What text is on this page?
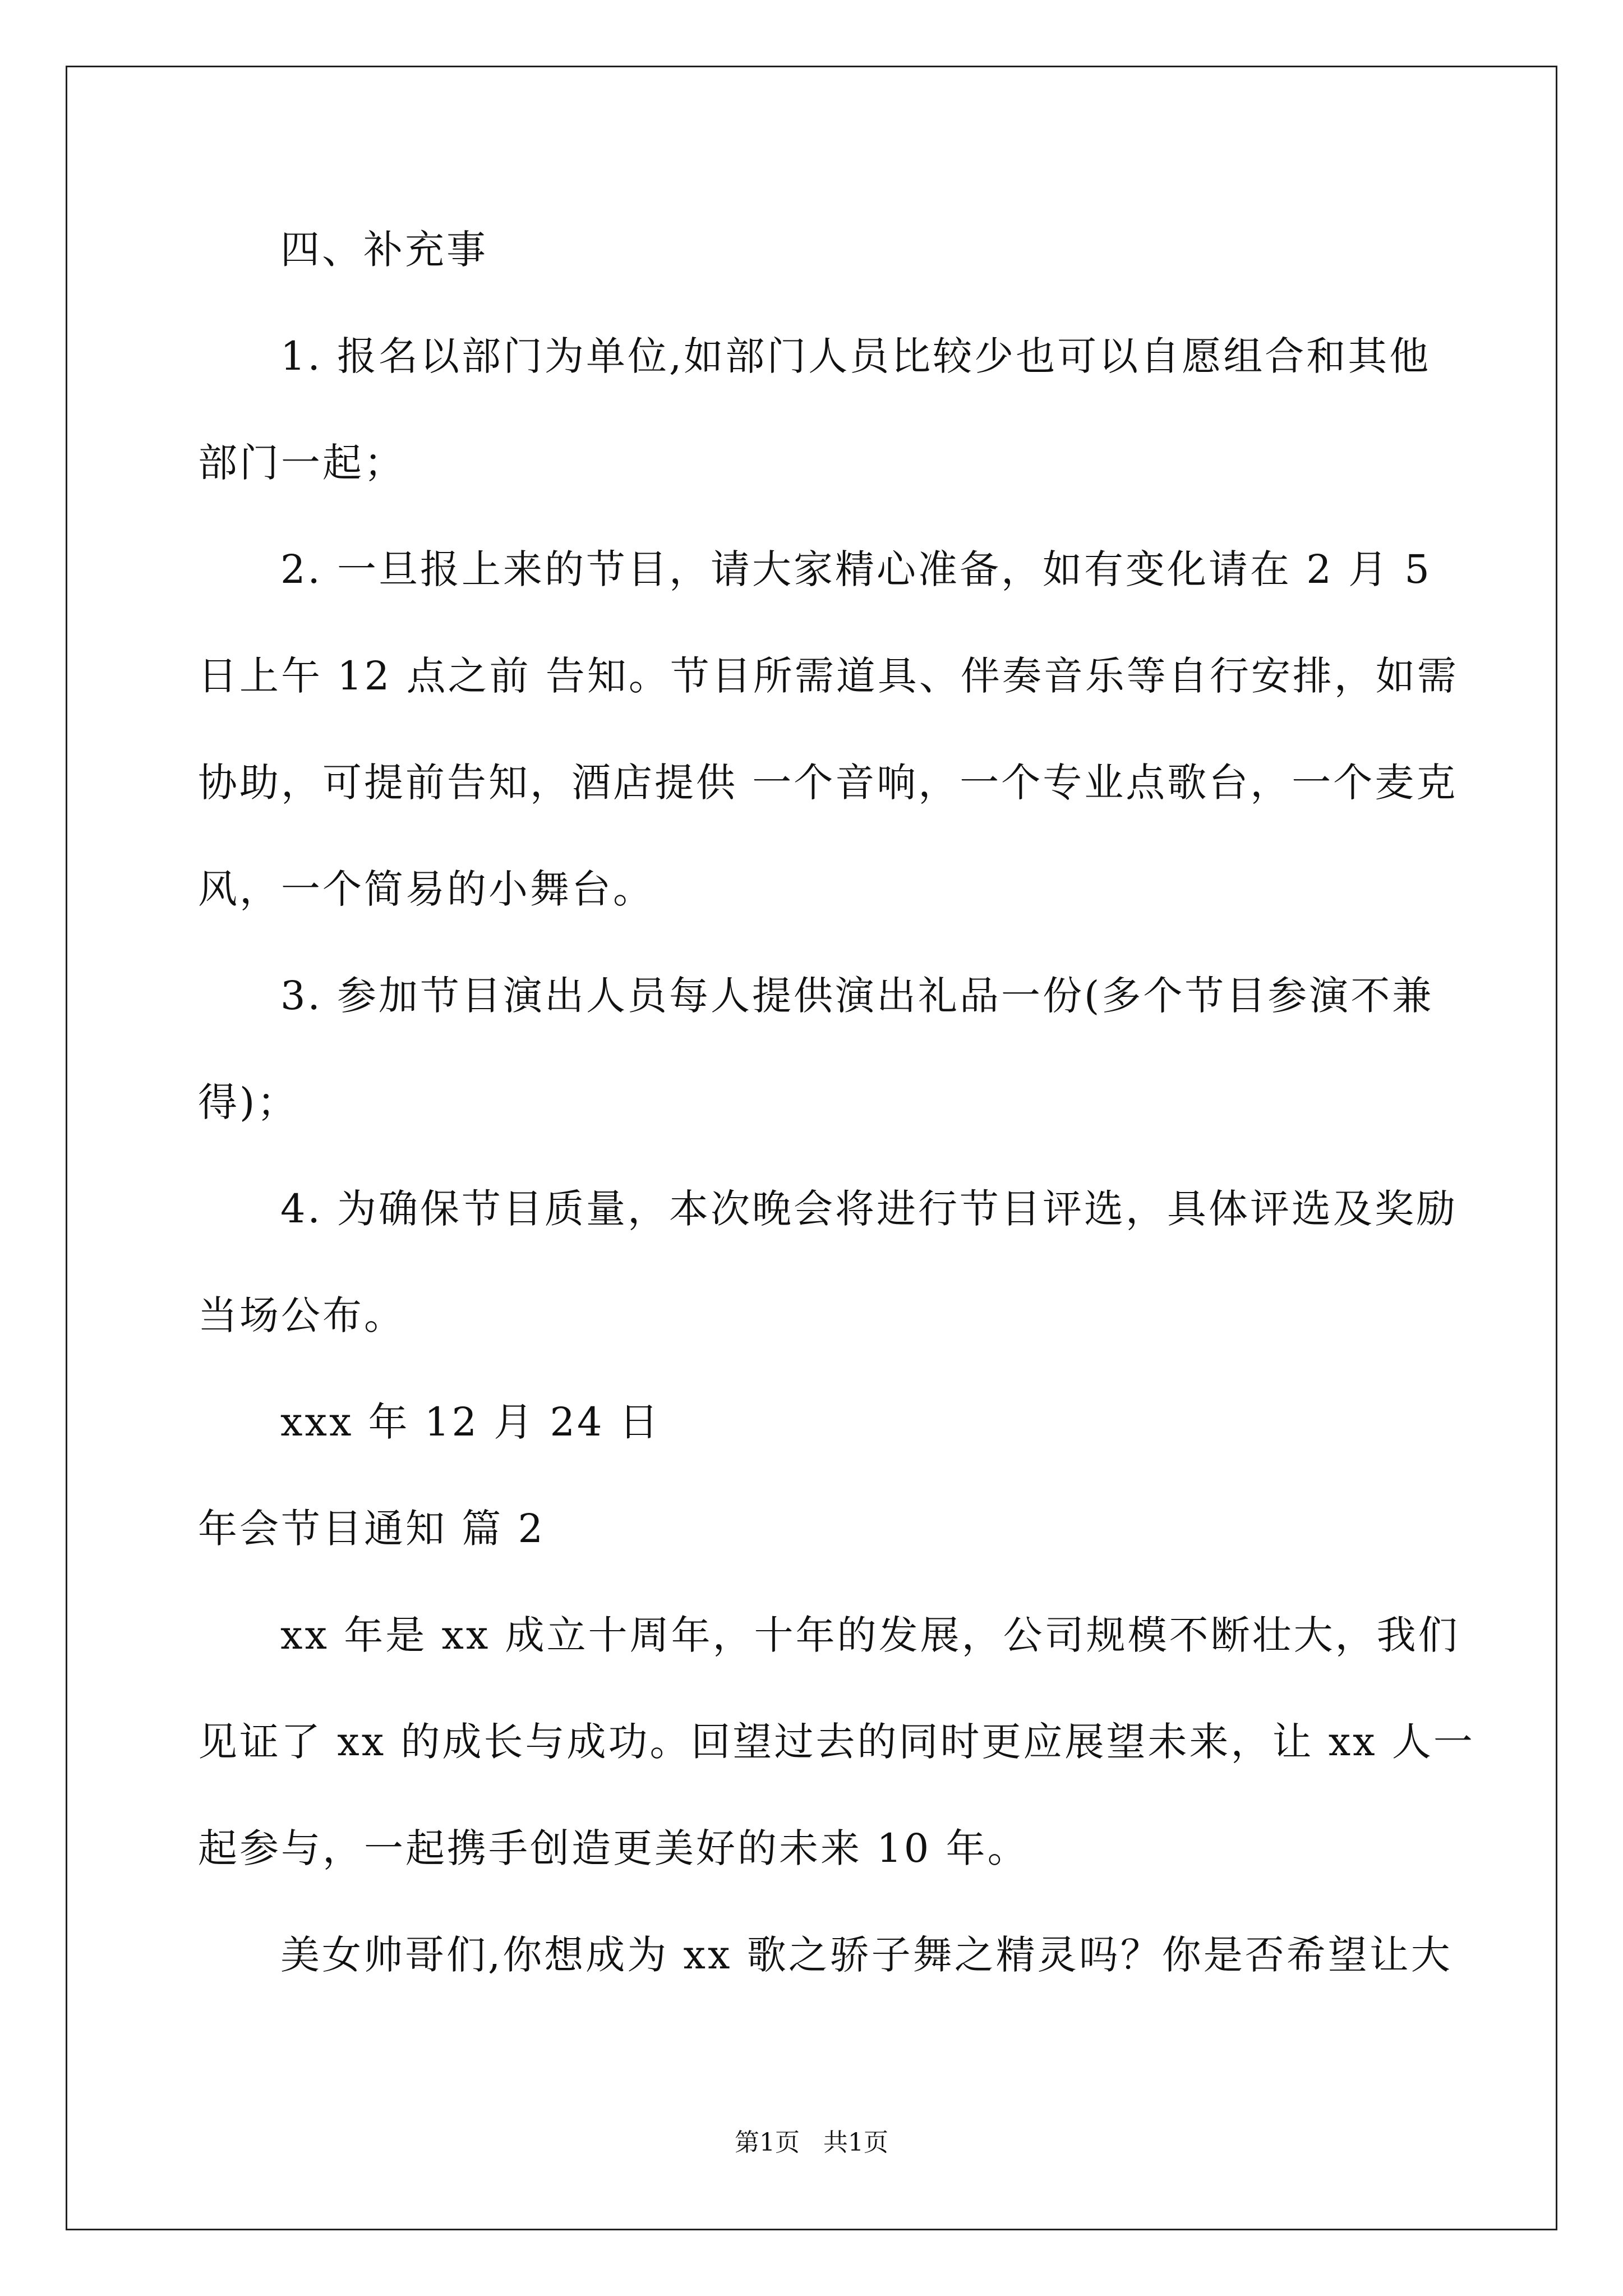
四、补充事
1. 报名以部门为单位,如部门人员比较少也可以自愿组合和其他
部门一起；
2. 一旦报上来的节目，请大家精心准备，如有变化请在 2 月 5
日上午 12 点之前 告知。节目所需道具、伴奏音乐等自行安排，如需
协助，可提前告知，酒店提供 一个音响，一个专业点歌台，一个麦克
风，一个简易的小舞台。
3. 参加节目演出人员每人提供演出礼品一份(多个节目参演不兼
得)；
4. 为确保节目质量，本次晚会将进行节目评选，具体评选及奖励
当场公布。
xxx 年 12 月 24 日
年会节目通知 篇 2
xx 年是 xx 成立十周年，十年的发展，公司规模不断壮大，我们
见证了 xx 的成长与成功。回望过去的同时更应展望未来，让 xx 人一
起参与，一起携手创造更美好的未来 10 年。
美女帅哥们,你想成为 xx 歌之骄子舞之精灵吗？你是否希望让大
第1页   共1页
